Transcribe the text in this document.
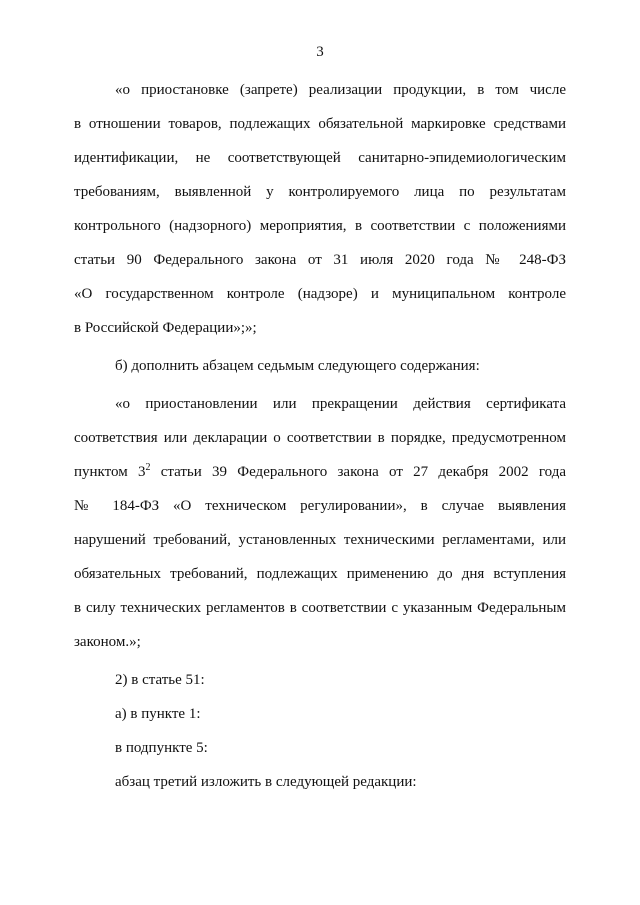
3
«о приостановке (запрете) реализации продукции, в том числе
в отношении товаров, подлежащих обязательной маркировке средствами
идентификации, не соответствующей санитарно-эпидемиологическим
требованиям, выявленной у контролируемого лица по результатам
контрольного (надзорного) мероприятия, в соответствии с положениями
статьи 90 Федерального закона от 31 июля 2020 года № 248-ФЗ
«О государственном контроле (надзоре) и муниципальном контроле
в Российской Федерации»;»;
б) дополнить абзацем седьмым следующего содержания:
«о приостановлении или прекращении действия сертификата
соответствия или декларации о соответствии в порядке, предусмотренном
пунктом $3^2$ статьи 39 Федерального закона от 27 декабря 2002 года
№ 184-ФЗ «О техническом регулировании», в случае выявления
нарушений требований, установленных техническими регламентами, или
обязательных требований, подлежащих применению до дня вступления
в силу технических регламентов в соответствии с указанным Федеральным
законом.»;
2) в статье 51:
а) в пункте 1:
в подпункте 5:
абзац третий изложить в следующей редакции:
